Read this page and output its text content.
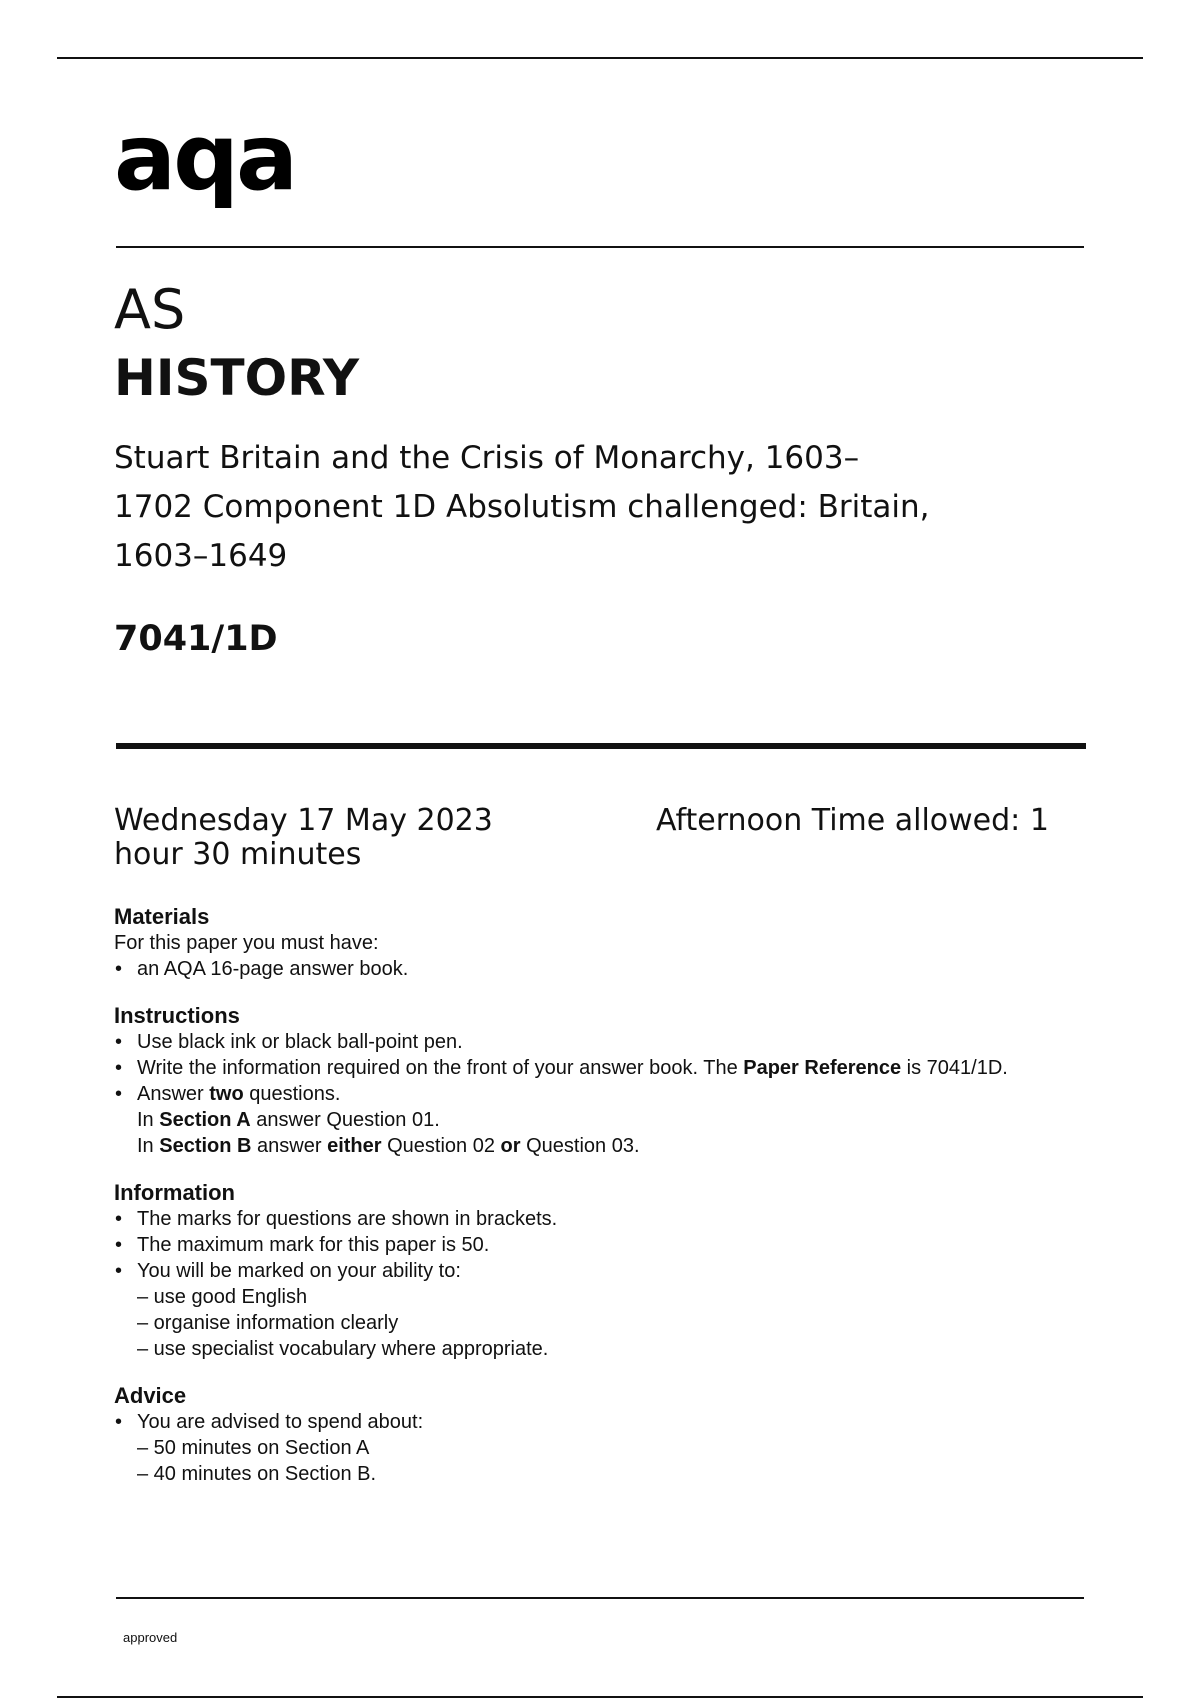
aqa
AS
HISTORY
Stuart Britain and the Crisis of Monarchy, 1603–1702 Component 1D Absolutism challenged: Britain, 1603–1649
7041/1D
Wednesday 17 May 2023	Afternoon Time allowed: 1 hour 30 minutes
Materials

For this paper you must have:

• an AQA 16-page answer book.
Instructions
• Use black ink or black ball-point pen.
• Write the information required on the front of your answer book. The Paper Reference is 7041/1D.
• Answer two questions.
In Section A answer Question 01.
In Section B answer either Question 02 or Question 03.
Information
• The marks for questions are shown in brackets.
• The maximum mark for this paper is 50.
• You will be marked on your ability to:
– use good English
– organise information clearly
– use specialist vocabulary where appropriate.
Advice
• You are advised to spend about:
– 50 minutes on Section A
– 40 minutes on Section B.
approved
